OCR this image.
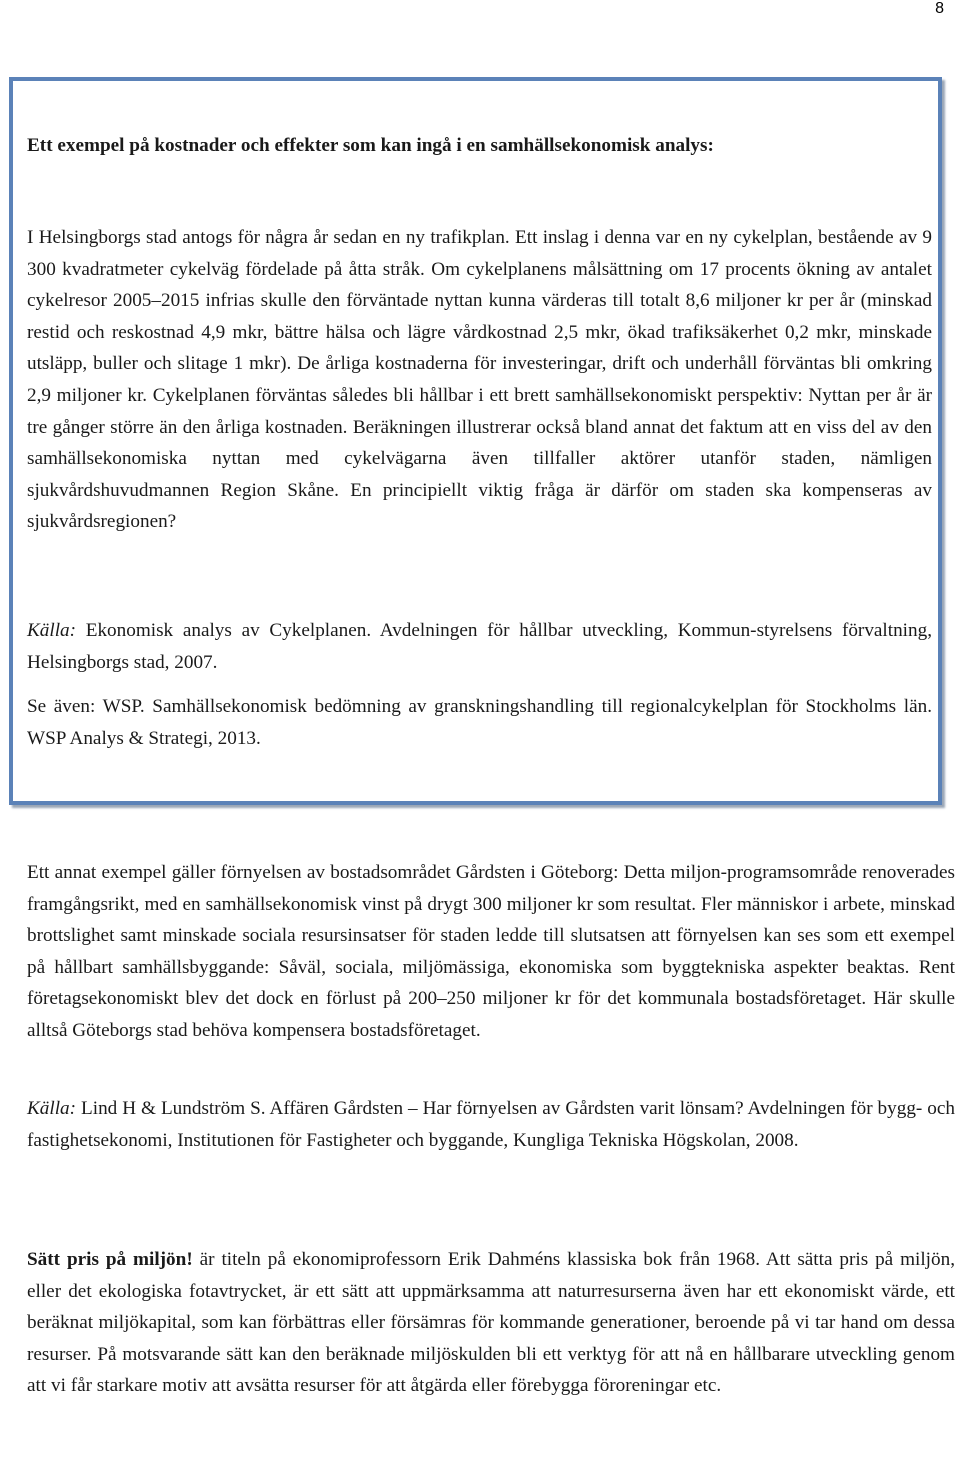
8
Ett exempel på kostnader och effekter som kan ingå i en samhällsekonomisk analys:

I Helsingborgs stad antogs för några år sedan en ny trafikplan. Ett inslag i denna var en ny cykelplan, bestående av 9 300 kvadratmeter cykelväg fördelade på åtta stråk. Om cykelplanens målsättning om 17 procents ökning av antalet cykelresor 2005–2015 infrias skulle den förväntade nyttan kunna värderas till totalt 8,6 miljoner kr per år (minskad restid och reskostnad 4,9 mkr, bättre hälsa och lägre vårdkostnad 2,5 mkr, ökad trafiksäkerhet 0,2 mkr, minskade utsläpp, buller och slitage 1 mkr). De årliga kostnaderna för investeringar, drift och underhåll förväntas bli omkring 2,9 miljoner kr. Cykelplanen förväntas således bli hållbar i ett brett samhällsekonomiskt perspektiv: Nyttan per år är tre gånger större än den årliga kostnaden. Beräkningen illustrerar också bland annat det faktum att en viss del av den samhällsekonomiska nyttan med cykelvägarna även tillfaller aktörer utanför staden, nämligen sjukvårdshuvudmannen Region Skåne. En principiellt viktig fråga är därför om staden ska kompenseras av sjukvårdsregionen?

Källa: Ekonomisk analys av Cykelplanen. Avdelningen för hållbar utveckling, Kommun-styrelsens förvaltning, Helsingborgs stad, 2007.

Se även: WSP. Samhällsekonomisk bedömning av granskningshandling till regionalcykelplan för Stockholms län. WSP Analys & Strategi, 2013.

Ett annat exempel gäller förnyelsen av bostadsområdet Gårdsten i Göteborg: Detta miljon-programsområde renoverades framgångsrikt, med en samhällsekonomisk vinst på drygt 300 miljoner kr som resultat. Fler människor i arbete, minskad brottslighet samt minskade sociala resursinsatser för staden ledde till slutsatsen att förnyelsen kan ses som ett exempel på hållbart samhällsbyggande: Såväl, sociala, miljömässiga, ekonomiska som byggtekniska aspekter beaktas. Rent företagsekonomiskt blev det dock en förlust på 200–250 miljoner kr för det kommunala bostadsföretaget. Här skulle alltså Göteborgs stad behöva kompensera bostadsföretaget.

Källa: Lind H & Lundström S. Affären Gårdsten – Har förnyelsen av Gårdsten varit lönsam? Avdelningen för bygg- och fastighetsekonomi, Institutionen för Fastigheter och byggande, Kungliga Tekniska Högskolan, 2008.

Sätt pris på miljön! är titeln på ekonomiprofessorn Erik Dahméns klassiska bok från 1968. Att sätta pris på miljön, eller det ekologiska fotavtrycket, är ett sätt att uppmärksamma att naturresurserna även har ett ekonomiskt värde, ett beräknat miljökapital, som kan förbättras eller försämras för kommande generationer, beroende på vi tar hand om dessa resurser. På motsvarande sätt kan den beräknade miljöskulden bli ett verktyg för att nå en hållbarare utveckling genom att vi får starkare motiv att avsätta resurser för att åtgärda eller förebygga föroreningar etc.
